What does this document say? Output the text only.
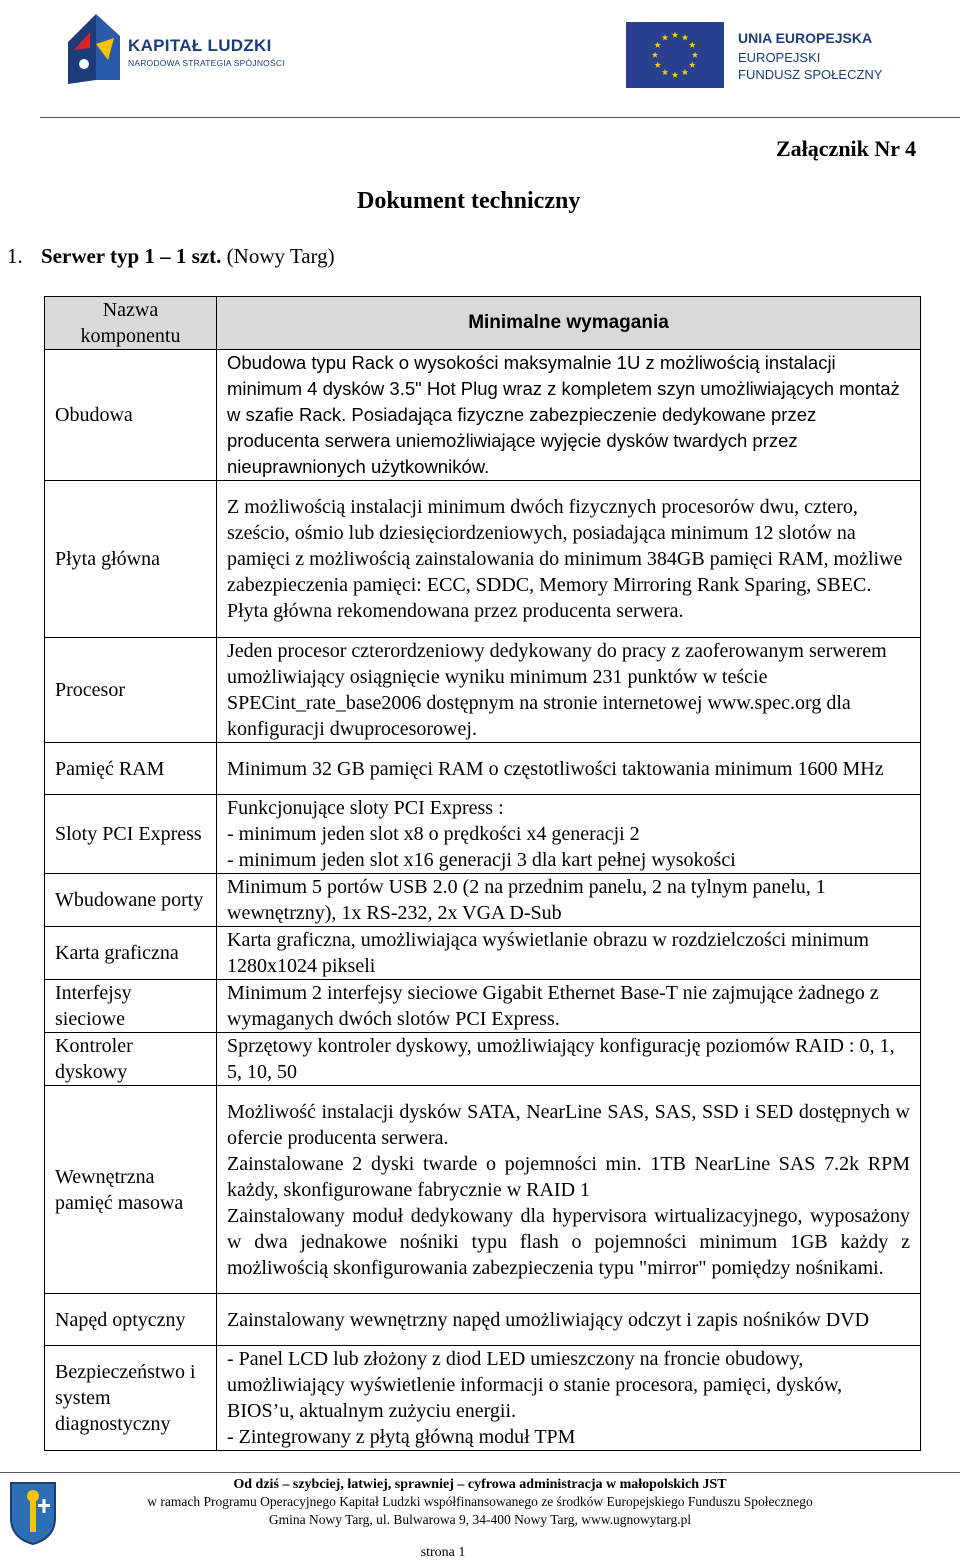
KAPITAŁ LUDZKI
NARODOWA STRATEGIA SPÓJNOŚCI
UNIA EUROPEJSKA
EUROPEJSKI
FUNDUSZ SPOŁECZNY
Załącznik Nr 4
Dokument techniczny
1. Serwer typ 1 – 1 szt. (Nowy Targ)
Nazwa komponentu	Minimalne wymagania
Obudowa	Obudowa typu Rack o wysokości maksymalnie 1U z możliwością instalacji minimum 4 dysków 3.5" Hot Plug wraz z kompletem szyn umożliwiających montaż w szafie Rack. Posiadająca fizyczne zabezpieczenie dedykowane przez producenta serwera uniemożliwiające wyjęcie dysków twardych przez nieuprawnionych użytkowników.
Płyta główna	Z możliwością instalacji minimum dwóch fizycznych procesorów dwu, cztero, sześcio, ośmio lub dziesięciordzeniowych, posiadająca minimum 12 slotów na pamięci z możliwością zainstalowania do minimum 384GB pamięci RAM, możliwe zabezpieczenia pamięci: ECC, SDDC, Memory Mirroring Rank Sparing, SBEC. Płyta główna rekomendowana przez producenta serwera.
Procesor	Jeden procesor czterordzeniowy dedykowany do pracy z zaoferowanym serwerem umożliwiający osiągnięcie wyniku minimum 231 punktów w teście SPECint_rate_base2006 dostępnym na stronie internetowej www.spec.org dla konfiguracji dwuprocesorowej.
Pamięć RAM	Minimum 32 GB pamięci RAM o częstotliwości taktowania minimum 1600 MHz
Sloty PCI Express	Funkcjonujące sloty PCI Express :
- minimum jeden slot x8 o prędkości x4 generacji 2
- minimum jeden slot x16 generacji 3 dla kart pełnej wysokości

Wbudowane porty	Minimum 5 portów USB 2.0 (2 na przednim panelu, 2 na tylnym panelu, 1 wewnętrzny), 1x RS-232, 2x VGA D-Sub
Karta graficzna	Karta graficzna, umożliwiająca wyświetlanie obrazu w rozdzielczości minimum 1280x1024 pikseli
Interfejsy sieciowe	Minimum 2 interfejsy sieciowe Gigabit Ethernet Base-T nie zajmujące żadnego z wymaganych dwóch slotów PCI Express.
Kontroler dyskowy	Sprzętowy kontroler dyskowy, umożliwiający konfigurację poziomów RAID : 0, 1, 5, 10, 50
Wewnętrzna pamięć masowa	Możliwość instalacji dysków SATA, NearLine SAS, SAS, SSD i SED dostępnych w ofercie producenta serwera.
Zainstalowane 2 dyski twarde o pojemności min. 1TB NearLine SAS 7.2k RPM każdy, skonfigurowane fabrycznie w RAID 1
Zainstalowany moduł dedykowany dla hypervisora wirtualizacyjnego, wyposażony w dwa jednakowe nośniki typu flash o pojemności minimum 1GB każdy z możliwością skonfigurowania zabezpieczenia typu "mirror" pomiędzy nośnikami.

Napęd optyczny	Zainstalowany wewnętrzny napęd umożliwiający odczyt i zapis nośników DVD
Bezpieczeństwo i system diagnostyczny	- Panel LCD lub złożony z diod LED umieszczony na froncie obudowy, umożliwiający wyświetlenie informacji o stanie procesora, pamięci, dysków, BIOS’u, aktualnym zużyciu energii.
- Zintegrowany z płytą główną moduł TPM
Od dziś – szybciej, łatwiej, sprawniej – cyfrowa administracja w małopolskich JST
w ramach Programu Operacyjnego Kapitał Ludzki współfinansowanego ze środków Europejskiego Funduszu Społecznego
Gmina Nowy Targ, ul. Bulwarowa 9, 34-400 Nowy Targ, www.ugnowytarg.pl
strona 1
